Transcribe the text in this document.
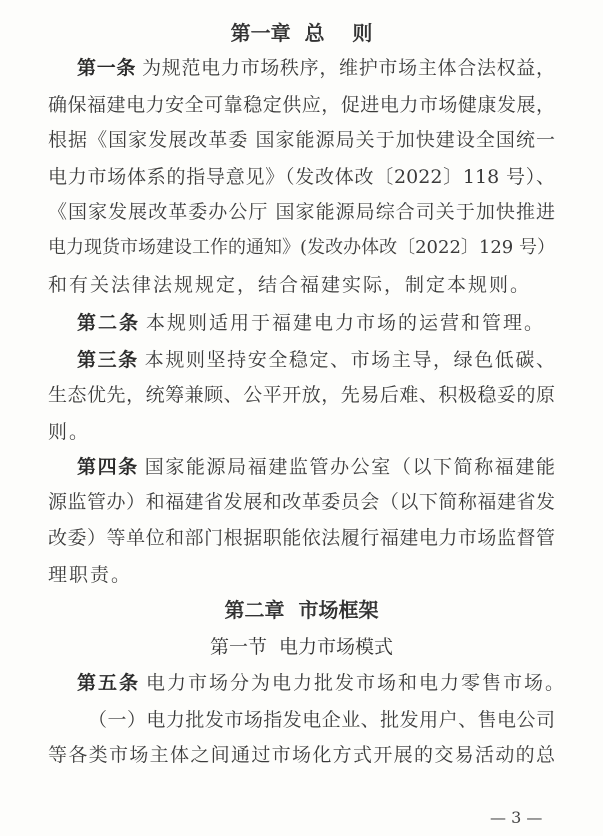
第一章  总    则
第一条 为规范电力市场秩序，维护市场主体合法权益，
确保福建电力安全可靠稳定供应，促进电力市场健康发展，
根据《国家发展改革委 国家能源局关于加快建设全国统一
电力市场体系的指导意见》（发改体改〔2022〕118 号）、
《国家发展改革委办公厅 国家能源局综合司关于加快推进
电力现货市场建设工作的通知》(发改办体改〔2022〕129 号）
和有关法律法规规定，结合福建实际，制定本规则。
第二条 本规则适用于福建电力市场的运营和管理。
第三条 本规则坚持安全稳定、市场主导，绿色低碳、
生态优先，统筹兼顾、公平开放，先易后难、积极稳妥的原
则。
第四条 国家能源局福建监管办公室（以下简称福建能
源监管办）和福建省发展和改革委员会（以下简称福建省发
改委）等单位和部门根据职能依法履行福建电力市场监督管
理职责。
第二章  市场框架
第一节  电力市场模式
第五条 电力市场分为电力批发市场和电力零售市场。
（一）电力批发市场指发电企业、批发用户、售电公司
等各类市场主体之间通过市场化方式开展的交易活动的总
— 3 —
